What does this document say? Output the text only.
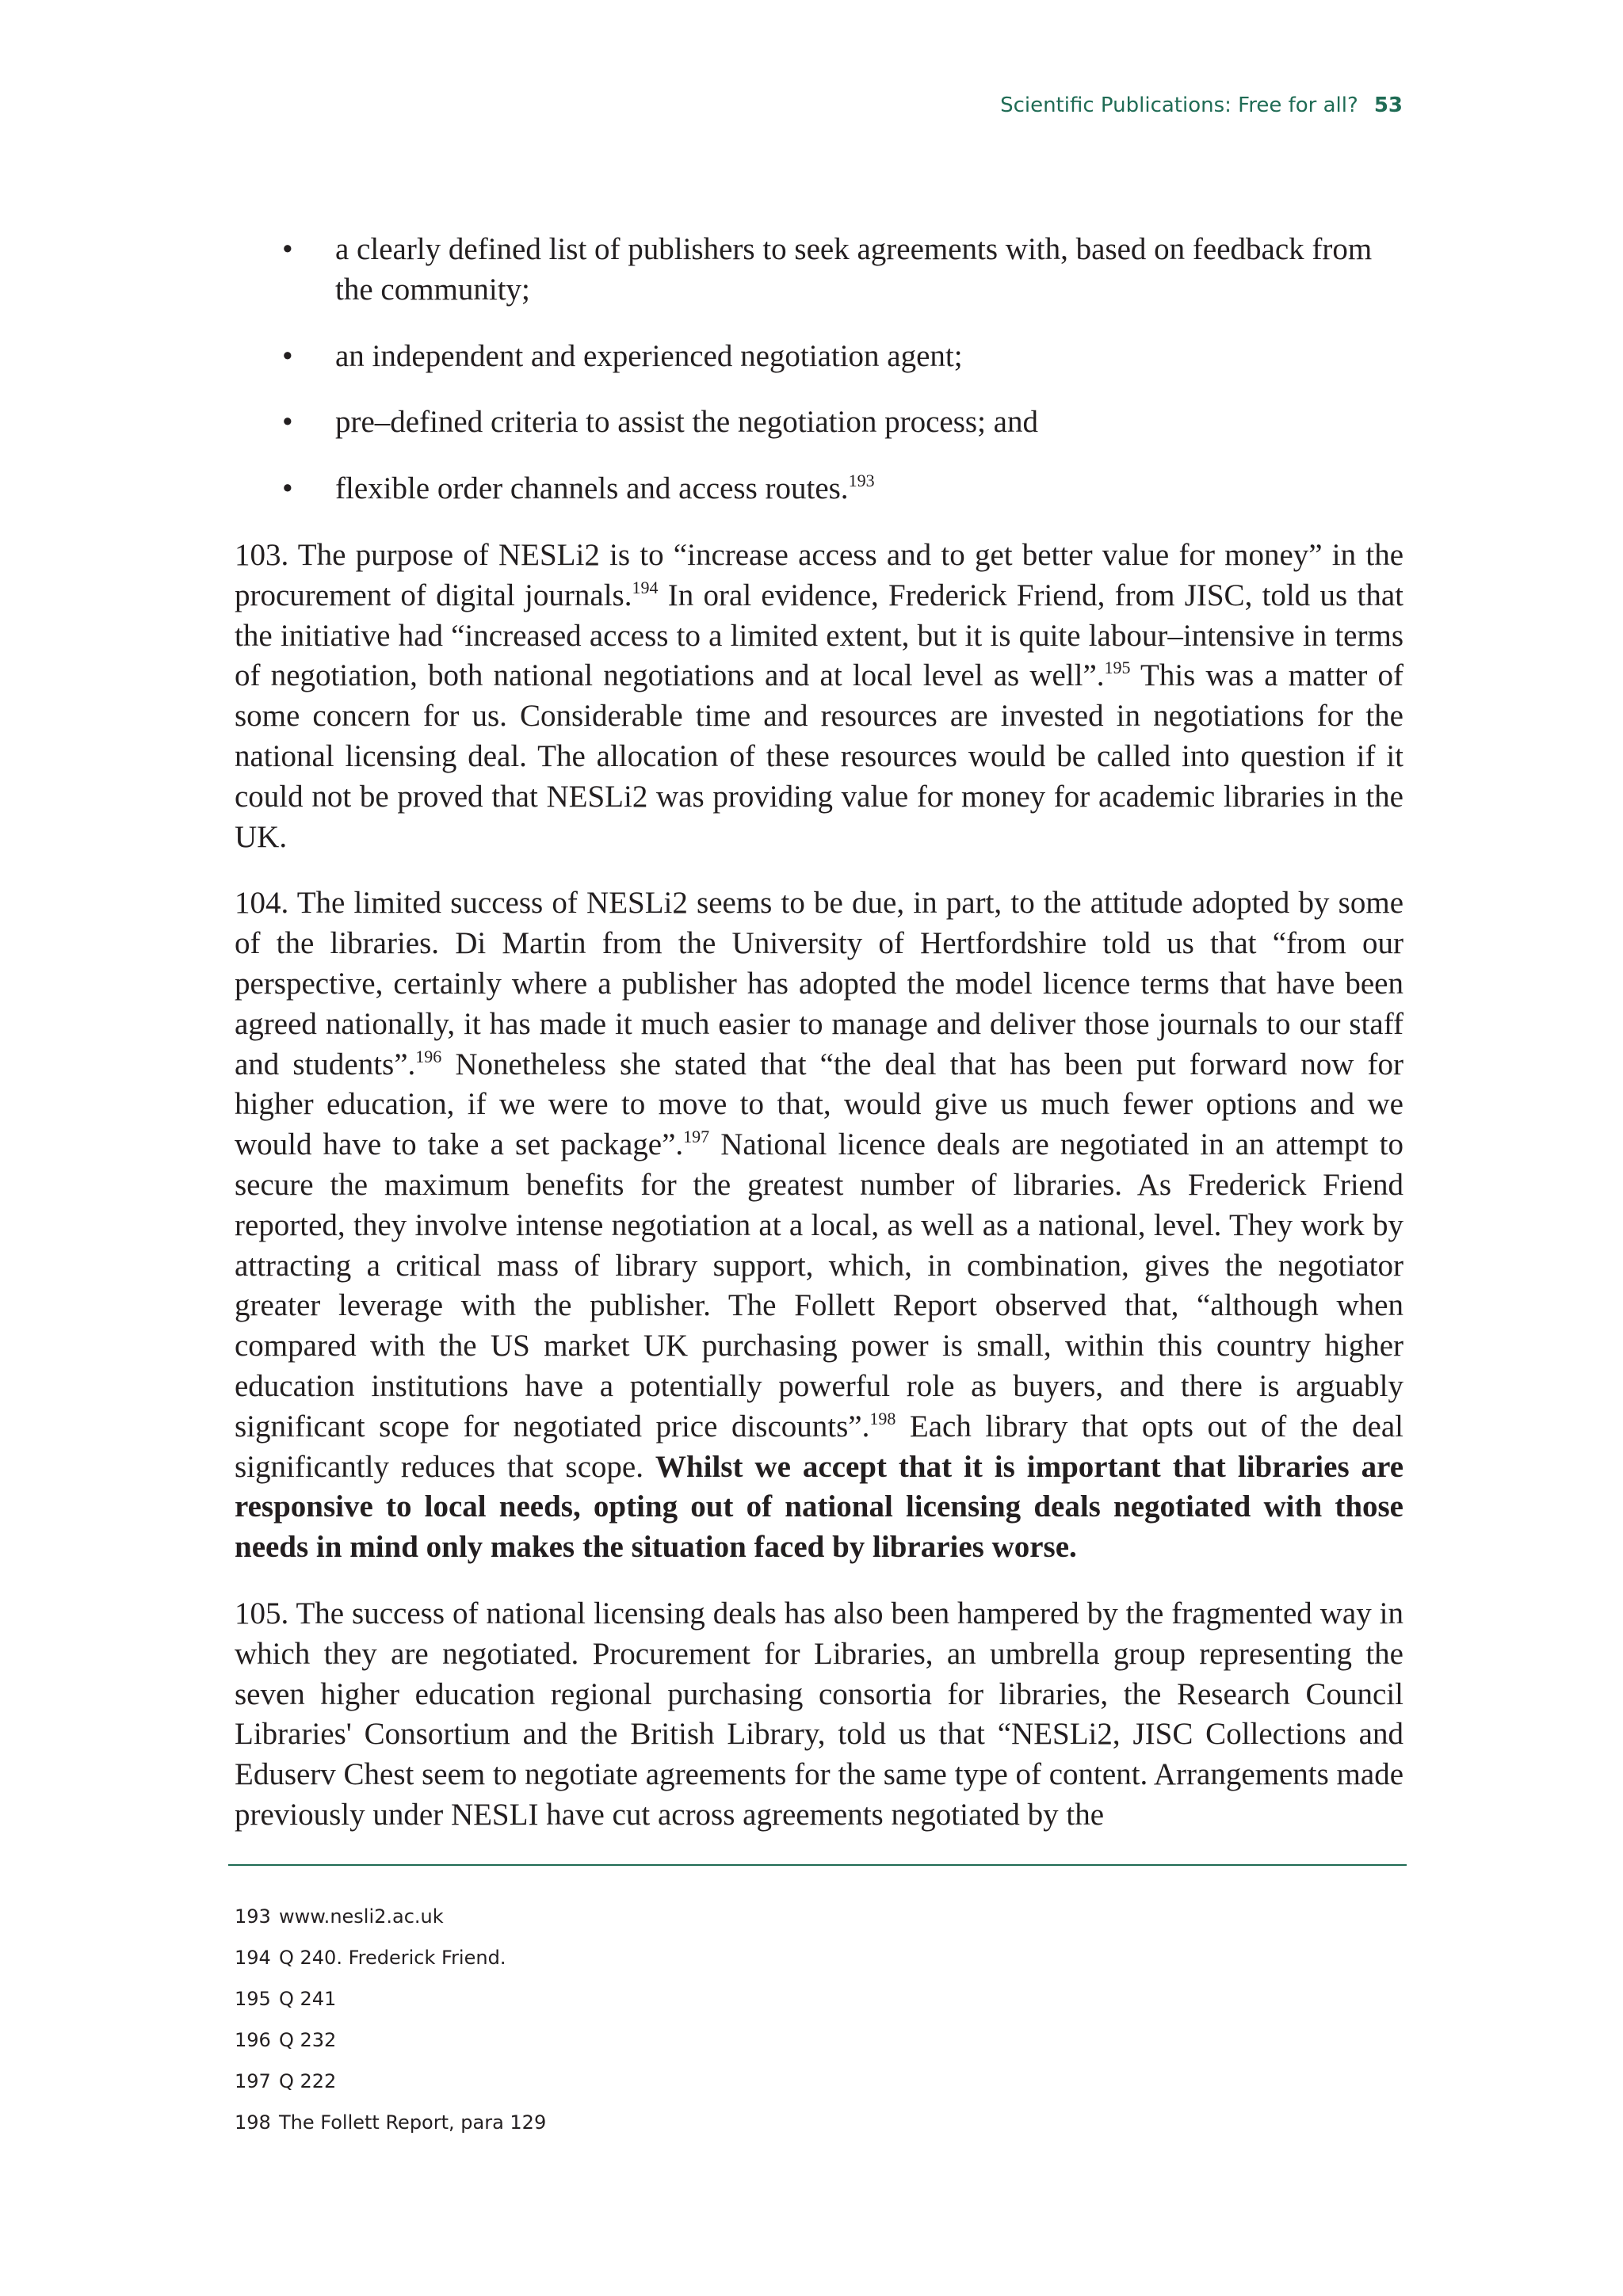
Scientific Publications: Free for all? 53
• a clearly defined list of publishers to seek agreements with, based on feedback from the community;
• an independent and experienced negotiation agent;
• pre–defined criteria to assist the negotiation process; and
• flexible order channels and access routes.$^{193}$

103. The purpose of NESLi2 is to “increase access and to get better value for money” in the procurement of digital journals.$^{194}$ In oral evidence, Frederick Friend, from JISC, told us that the initiative had “increased access to a limited extent, but it is quite labour–intensive in terms of negotiation, both national negotiations and at local level as well”.$^{195}$ This was a matter of some concern for us. Considerable time and resources are invested in negotiations for the national licensing deal. The allocation of these resources would be called into question if it could not be proved that NESLi2 was providing value for money for academic libraries in the UK.

104. The limited success of NESLi2 seems to be due, in part, to the attitude adopted by some of the libraries. Di Martin from the University of Hertfordshire told us that “from our perspective, certainly where a publisher has adopted the model licence terms that have been agreed nationally, it has made it much easier to manage and deliver those journals to our staff and students”.$^{196}$ Nonetheless she stated that “the deal that has been put forward now for higher education, if we were to move to that, would give us much fewer options and we would have to take a set package”.$^{197}$ National licence deals are negotiated in an attempt to secure the maximum benefits for the greatest number of libraries. As Frederick Friend reported, they involve intense negotiation at a local, as well as a national, level. They work by attracting a critical mass of library support, which, in combination, gives the negotiator greater leverage with the publisher. The Follett Report observed that, “although when compared with the US market UK purchasing power is small, within this country higher education institutions have a potentially powerful role as buyers, and there is arguably significant scope for negotiated price discounts”.$^{198}$ Each library that opts out of the deal significantly reduces that scope. Whilst we accept that it is important that libraries are responsive to local needs, opting out of national licensing deals negotiated with those needs in mind only makes the situation faced by libraries worse.

105. The success of national licensing deals has also been hampered by the fragmented way in which they are negotiated. Procurement for Libraries, an umbrella group representing the seven higher education regional purchasing consortia for libraries, the Research Council Libraries' Consortium and the British Library, told us that “NESLi2, JISC Collections and Eduserv Chest seem to negotiate agreements for the same type of content. Arrangements made previously under NESLI have cut across agreements negotiated by the

193 www.nesli2.ac.uk
194 Q 240. Frederick Friend.
195 Q 241
196 Q 232
197 Q 222
198 The Follett Report, para 129
